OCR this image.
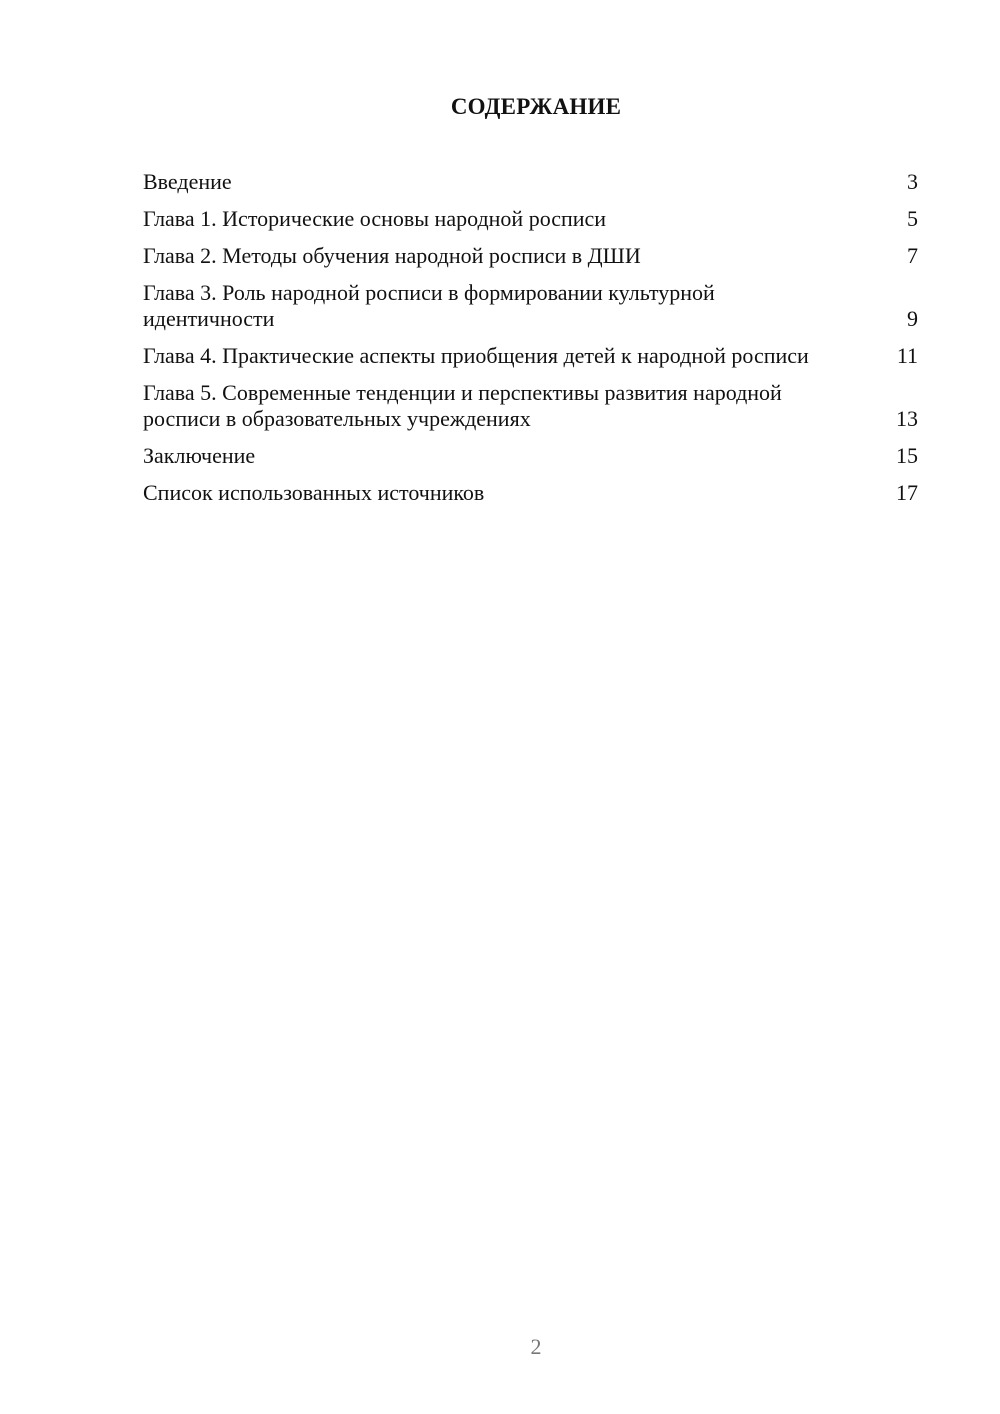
СОДЕРЖАНИЕ
Введение	3
Глава 1. Исторические основы народной росписи	5
Глава 2. Методы обучения народной росписи в ДШИ	7
Глава 3. Роль народной росписи в формировании культурной идентичности	9
Глава 4. Практические аспекты приобщения детей к народной росписи	11
Глава 5. Современные тенденции и перспективы развития народной росписи в образовательных учреждениях	13
Заключение	15
Список использованных источников	17
2
